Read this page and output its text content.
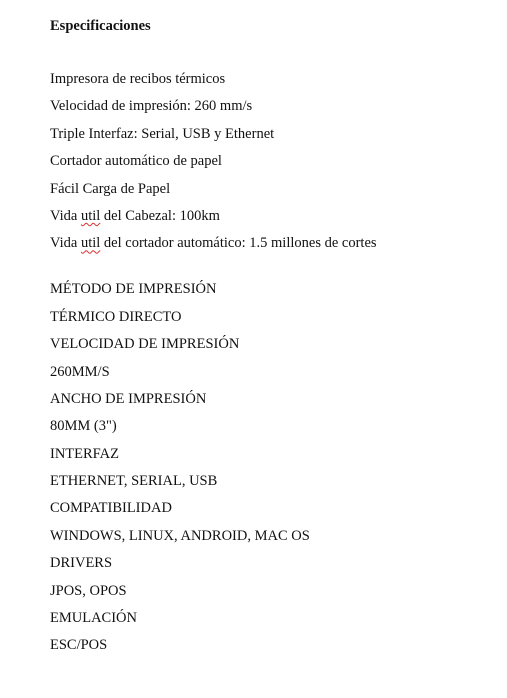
Especificaciones
Impresora de recibos térmicos
Velocidad de impresión: 260 mm/s
Triple Interfaz: Serial, USB y Ethernet
Cortador automático de papel
Fácil Carga de Papel
Vida util del Cabezal: 100km
Vida util del cortador automático: 1.5 millones de cortes
MÉTODO DE IMPRESIÓN
TÉRMICO DIRECTO
VELOCIDAD DE IMPRESIÓN
260MM/S
ANCHO DE IMPRESIÓN
80MM (3")
INTERFAZ
ETHERNET, SERIAL, USB
COMPATIBILIDAD
WINDOWS, LINUX, ANDROID, MAC OS
DRIVERS
JPOS, OPOS
EMULACIÓN
ESC/POS
